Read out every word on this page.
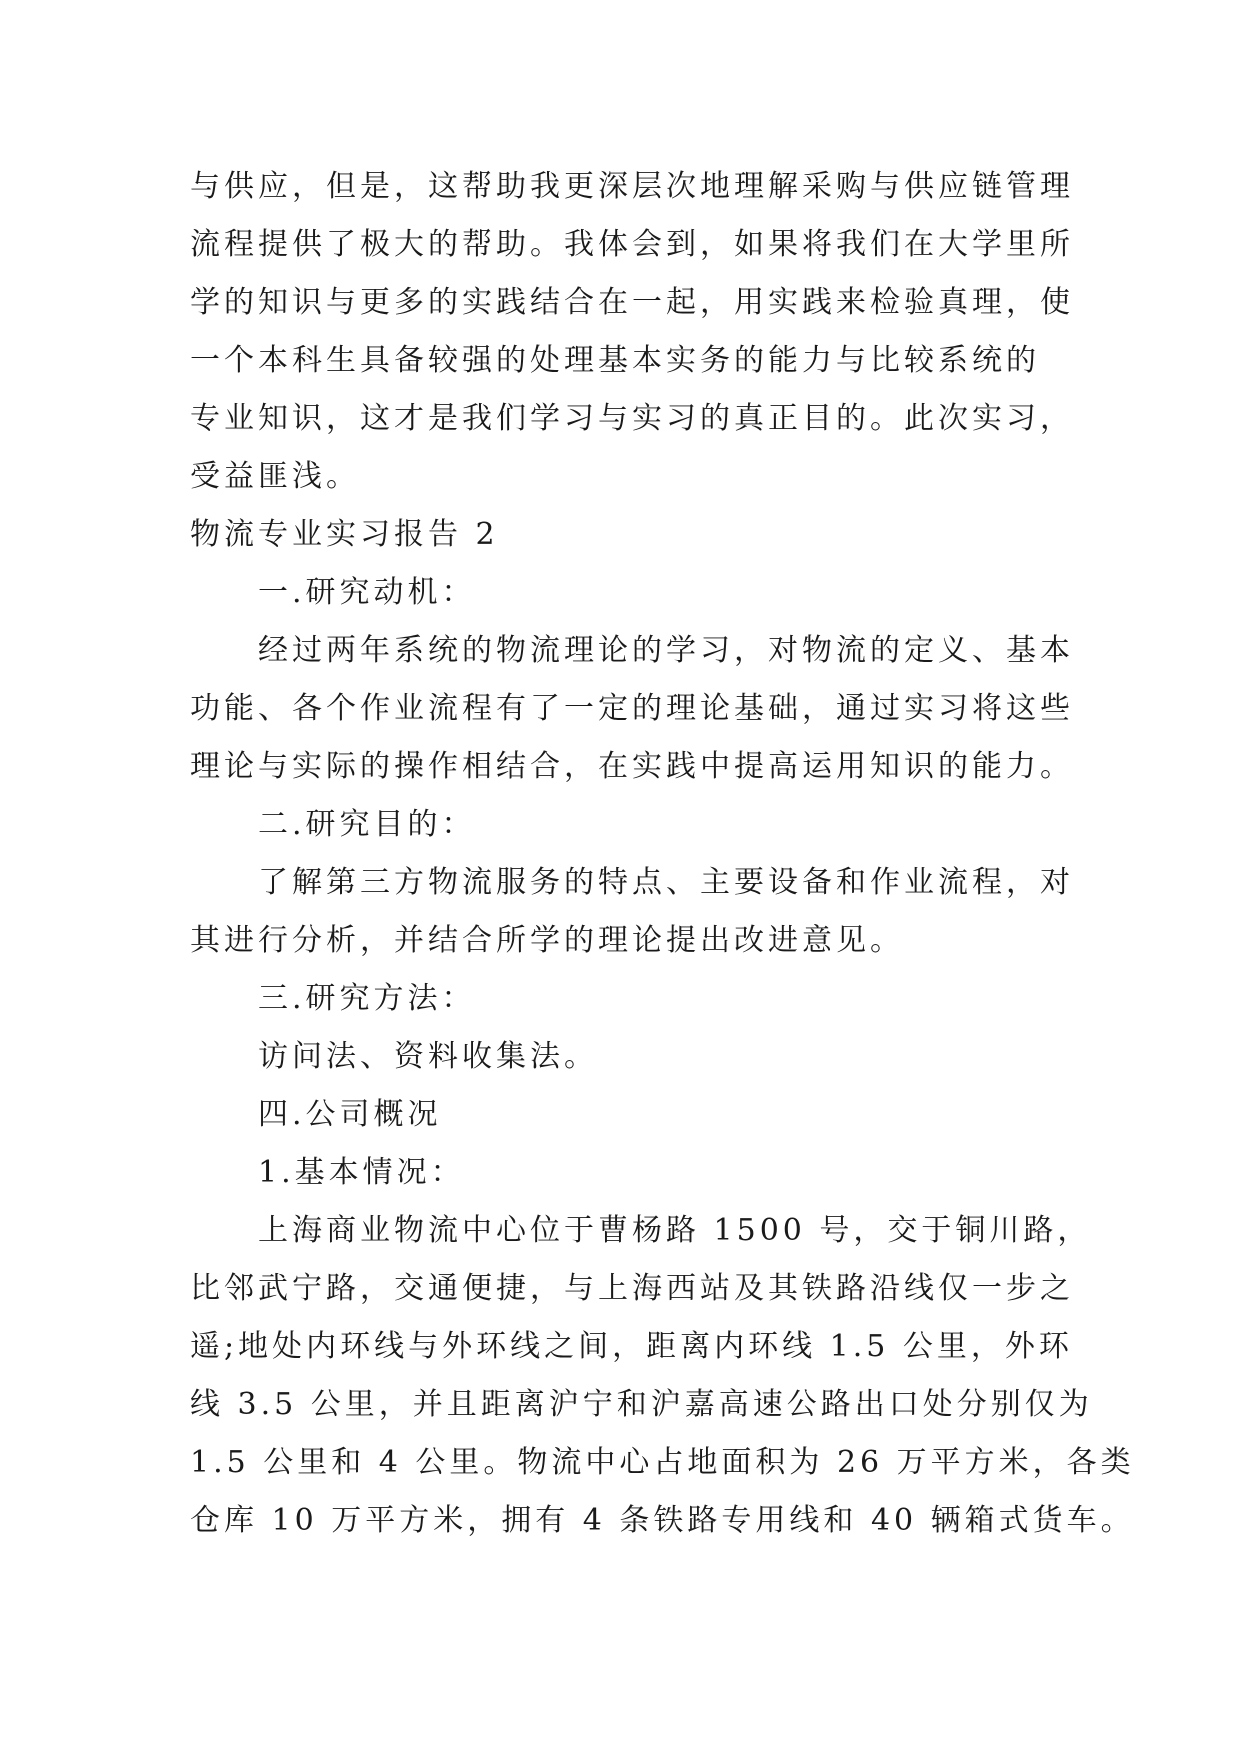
与供应，但是，这帮助我更深层次地理解采购与供应链管理
流程提供了极大的帮助。我体会到，如果将我们在大学里所
学的知识与更多的实践结合在一起，用实践来检验真理，使
一个本科生具备较强的处理基本实务的能力与比较系统的
专业知识，这才是我们学习与实习的真正目的。此次实习，
受益匪浅。
物流专业实习报告 2
一.研究动机：
经过两年系统的物流理论的学习，对物流的定义、基本
功能、各个作业流程有了一定的理论基础，通过实习将这些
理论与实际的操作相结合，在实践中提高运用知识的能力。
二.研究目的：
了解第三方物流服务的特点、主要设备和作业流程，对
其进行分析，并结合所学的理论提出改进意见。
三.研究方法：
访问法、资料收集法。
四.公司概况
1.基本情况：
上海商业物流中心位于曹杨路 1500 号，交于铜川路，
比邻武宁路，交通便捷，与上海西站及其铁路沿线仅一步之
遥;地处内环线与外环线之间，距离内环线 1.5 公里，外环
线 3.5 公里，并且距离沪宁和沪嘉高速公路出口处分别仅为
1.5 公里和 4 公里。物流中心占地面积为 26 万平方米，各类
仓库 10 万平方米，拥有 4 条铁路专用线和 40 辆箱式货车。
